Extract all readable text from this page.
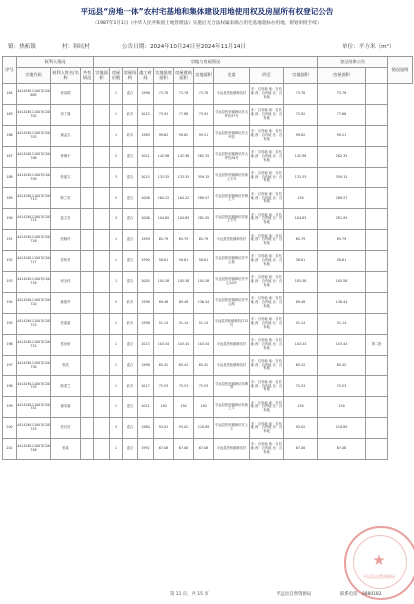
平远县“房地一体”农村宅基地和集体建设用地使用权及房屋所有权登记公告
（1987年1月1日《中华人民共和国土地管理法》实施后无合法权属来源占用宅基地超标办用地、规划审批手续）
镇：热柘镇	村：韩坑村	公告日期：2024年10月24日至2024年11月14日	单位：平方米（m²）
序号	权利人情况			宗地与房屋情况										登记结果公告		情况说明
	宗地代码	权利人姓名/名称	共有情况	宗地面积	房屋层数	房屋结构	竣工时间	宗地基底面积	房屋建筑面积	宗地面积	坐落	四至	宗地面积	房屋面积		

184	441426111007JC00685	张某德			1	混合	1996	73.78	73.78	73.78	平远县热柘镇韩坑村	东：自有地 南：自有地 西：自有地 北：自有地	73.78	73.78		
185	441426111007JC00702	刘丁娣			1	砖木	2015	73.92	77.88	73.92	平远县热柘镇韩坑村大坪坑37号	东：自有地 南：自有地 西：自有地 北：自有地	73.92	77.88		
186	441426111007JC00703	谢益玉			1	砖木	1989	99.62	99.62	99.21	平远县热柘镇韩坑村大坪坑	东：自有地 南：自有地 西：自有地 北：自有地	99.62	99.21		
187	441426111007JC00706	钟静平			2	混合	2021	142.98	142.98	262.35	平远县热柘镇韩坑村大坪坑28号	东：自有地 南：自有地 西：自有地 北：自有地	142.98	262.35		
188	441426111007JC00709	张惠文			3	混合	2015	133.55	133.55	359.15	平远县热柘镇韩坑村新上斗号	东：自有地 南：自有地 西：自有地 北：自有地	133.55	359.15		
189	441426111007JC00713	陈兰英			2	混合	2006	164.22	164.22	289.57	平远县热柘镇韩坑村韩上斗	东：自有地 南：自有地 西：自有地 北：自有地	150	289.57		
190	441426111007JC00715	蓝文杏			3	混合	2006	104.65	104.65	281.95	平远县热柘镇韩坑村新上斗号	东：自有地 南：自有地 西：自有地 北：自有地	104.65	281.95		
191	441426111007JC00716	张晓玲			1	混合	1999	65.79	65.79	65.79	平远县热柘镇韩坑村	东：自有地 南：自有地 西：自有地 北：自有地	65.79	65.79		
192	441426111007JC00717	张杨芳			1	混合	1990	58.61	58.61	58.61	平远县热柘镇韩坑村中心巷	东：自有地 南：自有地 西：自有地 北：自有地	58.61	58.61		
193	441426111007JC00718	何全伟			1	混合	2005	105.58	105.58	105.58	平远县热柘镇韩坑村中心20号	东：自有地 南：自有地 西：自有地 北：自有地	105.58	105.58		
194	441426111007JC00720	姚建华			2	砖木	1998	89.48	89.48	136.44	平远县热柘镇韩坑村中心路	东：自有地 南：自有地 西：自有地 北：自有地	89.48	136.44		
195	441426111007JC00723	张嘉嘉			1	砖木	1998	51.14	51.14	51.14	平远县热柘镇韩坑村11号	东：自有地 南：自有地 西：自有地 北：自有地	51.14	51.14		
196	441426111007JC00725	蔡冠荣			1	混合	2013	103.44	103.44	103.44	平远县热柘镇韩坑村	东：自有地 南：自有地 西：自有地 北：自有地	103.44	103.44	第二批	
197	441426111007JC00730	张浩			1	混合	1998	65.42	65.42	65.42	平远县热柘镇韩坑村	东：自有地 南：自有地 西：自有地 北：自有地	65.42	65.42		
198	441426111007JC00733	陈香兰			1	砖木	2017	75.53	75.53	75.53	平远县热柘镇韩坑村碑背	东：自有地 南：自有地 西：自有地 北：自有地	75.53	75.53		
199	441426111007JC00741	谢英蓉			1	混合	2021	150	150	150	平远县热柘镇韩坑村新上斗	东：自有地 南：自有地 西：自有地 北：自有地	150	150		
200	441426111007JC00743	张长信			3	混合	1980	93.02	93.02	218.89	平远县热柘镇韩坑村上斗	东：自有地 南：自有地 西：自有地 北：自有地	93.02	218.89		
201	441426111007JC00746	张某			1	混合	1992	67.08	67.08	67.08	平远县热柘镇韩坑村	东：自有地 南：自有地 西：自有地 北：自有地	67.08	67.08		
第 11 页，共 15 页	平远县自然资源局	联系电话：8880182
★
平远县自然资源局
